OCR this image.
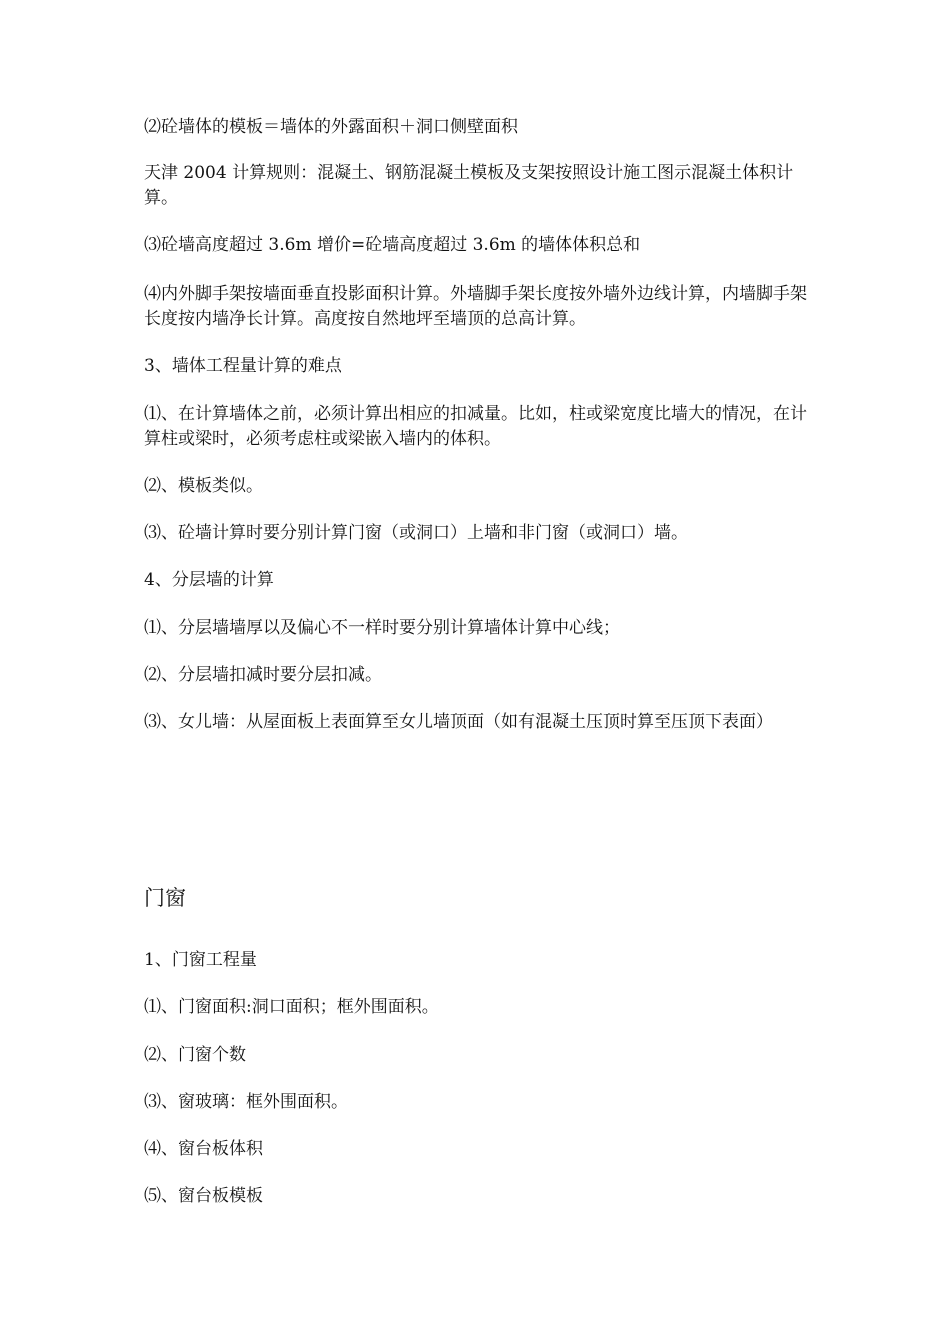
⑵砼墙体的模板＝墙体的外露面积＋洞口侧壁面积

天津 2004 计算规则：混凝土、钢筋混凝土模板及支架按照设计施工图示混凝土体积计算。

⑶砼墙高度超过 3.6m 增价=砼墙高度超过 3.6m 的墙体体积总和

⑷内外脚手架按墙面垂直投影面积计算。外墙脚手架长度按外墙外边线计算，内墙脚手架长度按内墙净长计算。高度按自然地坪至墙顶的总高计算。

3、墙体工程量计算的难点

⑴、在计算墙体之前，必须计算出相应的扣减量。比如，柱或梁宽度比墙大的情况，在计算柱或梁时，必须考虑柱或梁嵌入墙内的体积。

⑵、模板类似。

⑶、砼墙计算时要分别计算门窗（或洞口）上墙和非门窗（或洞口）墙。

4、分层墙的计算

⑴、分层墙墙厚以及偏心不一样时要分别计算墙体计算中心线；

⑵、分层墙扣减时要分层扣减。

⑶、女儿墙：从屋面板上表面算至女儿墙顶面（如有混凝土压顶时算至压顶下表面）

门窗

1、门窗工程量

⑴、门窗面积:洞口面积；框外围面积。

⑵、门窗个数

⑶、窗玻璃：框外围面积。

⑷、窗台板体积

⑸、窗台板模板
